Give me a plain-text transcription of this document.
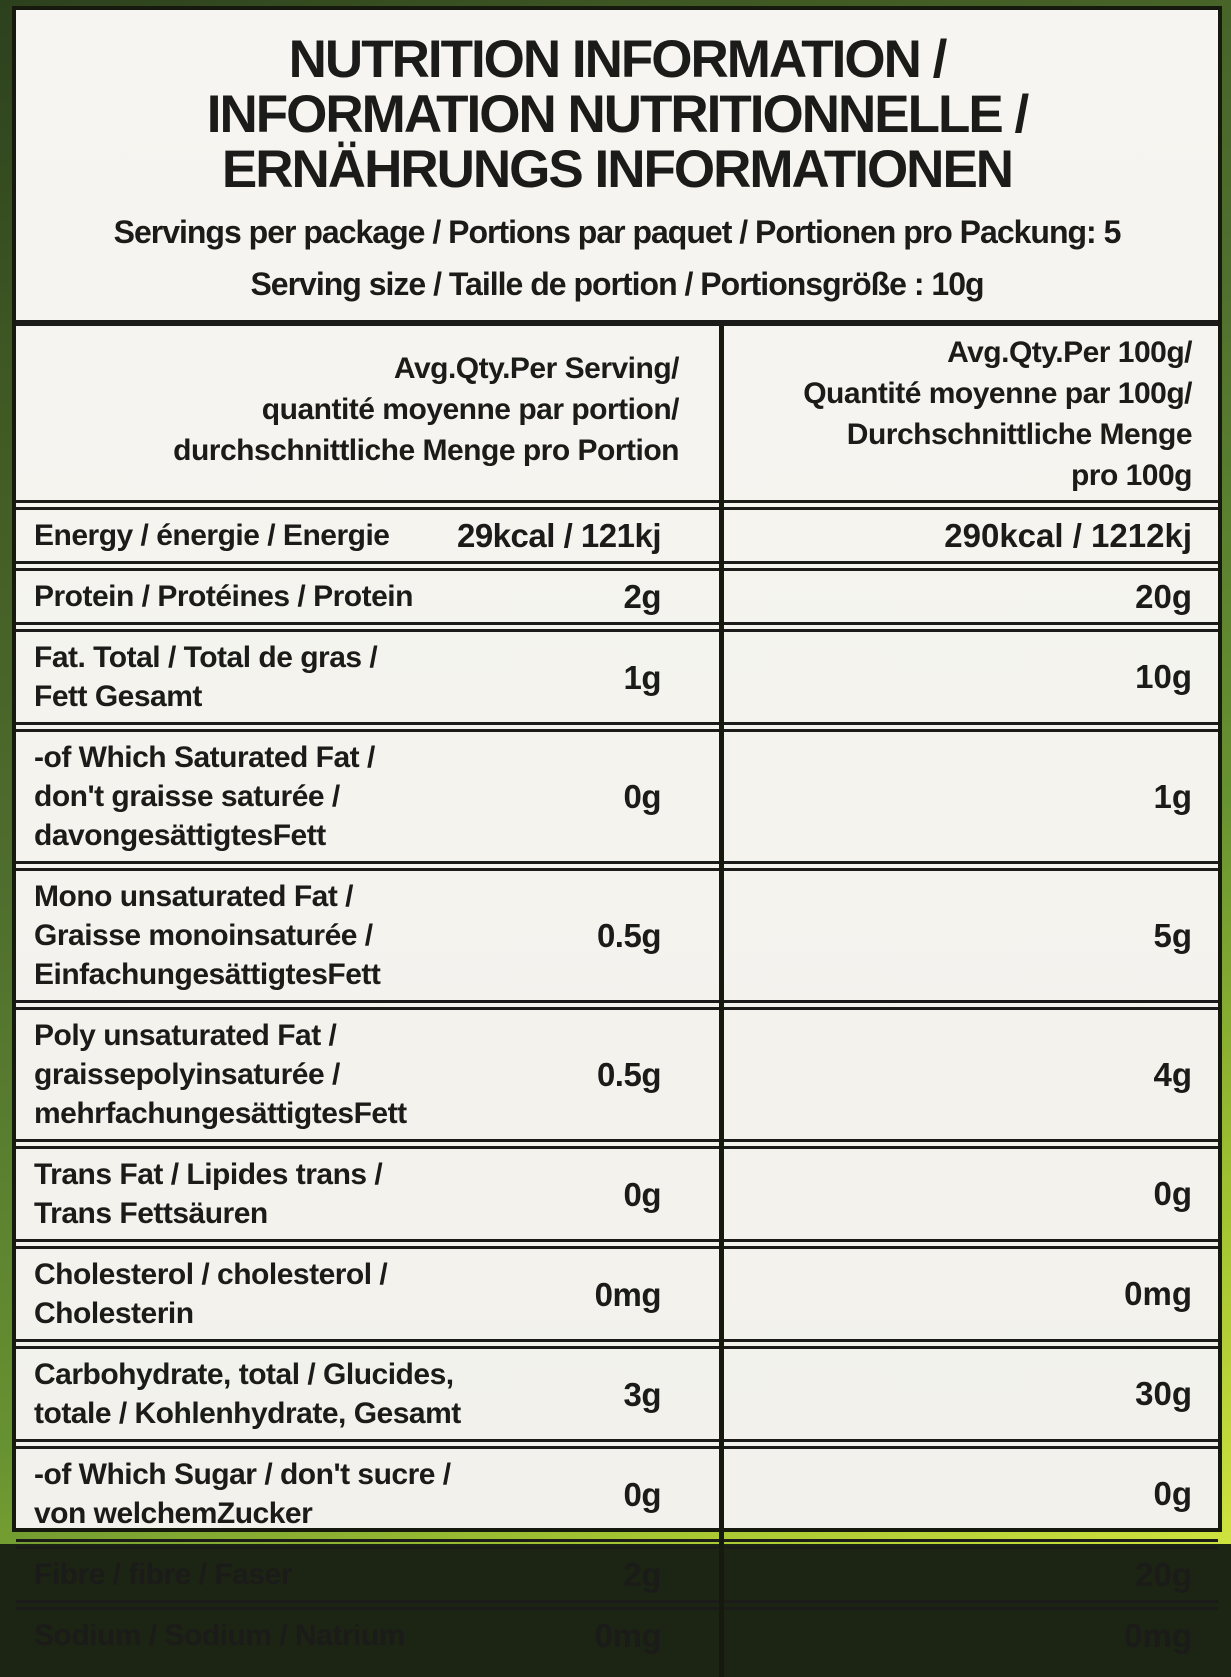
NUTRITION INFORMATION /
INFORMATION NUTRITIONNELLE /
ERNÄHRUNGS INFORMATIONEN
Servings per package / Portions par paquet / Portionen pro Packung: 5
Serving size / Taille de portion / Portionsgröße : 10g
Avg.Qty.Per Serving/
quantité moyenne par portion/
durchschnittliche Menge pro Portion
Avg.Qty.Per 100g/
Quantité moyenne par 100g/
Durchschnittliche Menge
pro 100g
Energy / énergie / Energie	29kcal / 121kj	290kcal / 1212kj
Protein / Protéines / Protein	2g	20g
Fat. Total / Total de gras /
Fett Gesamt
1g	10g
-of Which Saturated Fat /
don't graisse saturée /
davongesättigtesFett
0g	1g
Mono unsaturated Fat /
Graisse monoinsaturée /
EinfachungesättigtesFett
0.5g	5g
Poly unsaturated Fat /
graissepolyinsaturée /
mehrfachungesättigtesFett
0.5g	4g
Trans Fat / Lipides trans /
Trans Fettsäuren
0g	0g
Cholesterol / cholesterol /
Cholesterin
0mg	0mg
Carbohydrate, total / Glucides,
totale / Kohlenhydrate, Gesamt
3g	30g
-of Which Sugar / don't sucre /
von welchemZucker
0g	0g
Fibre / fibre / Faser	2g	20g
Sodium / Sodium / Natrium	0mg	0mg
